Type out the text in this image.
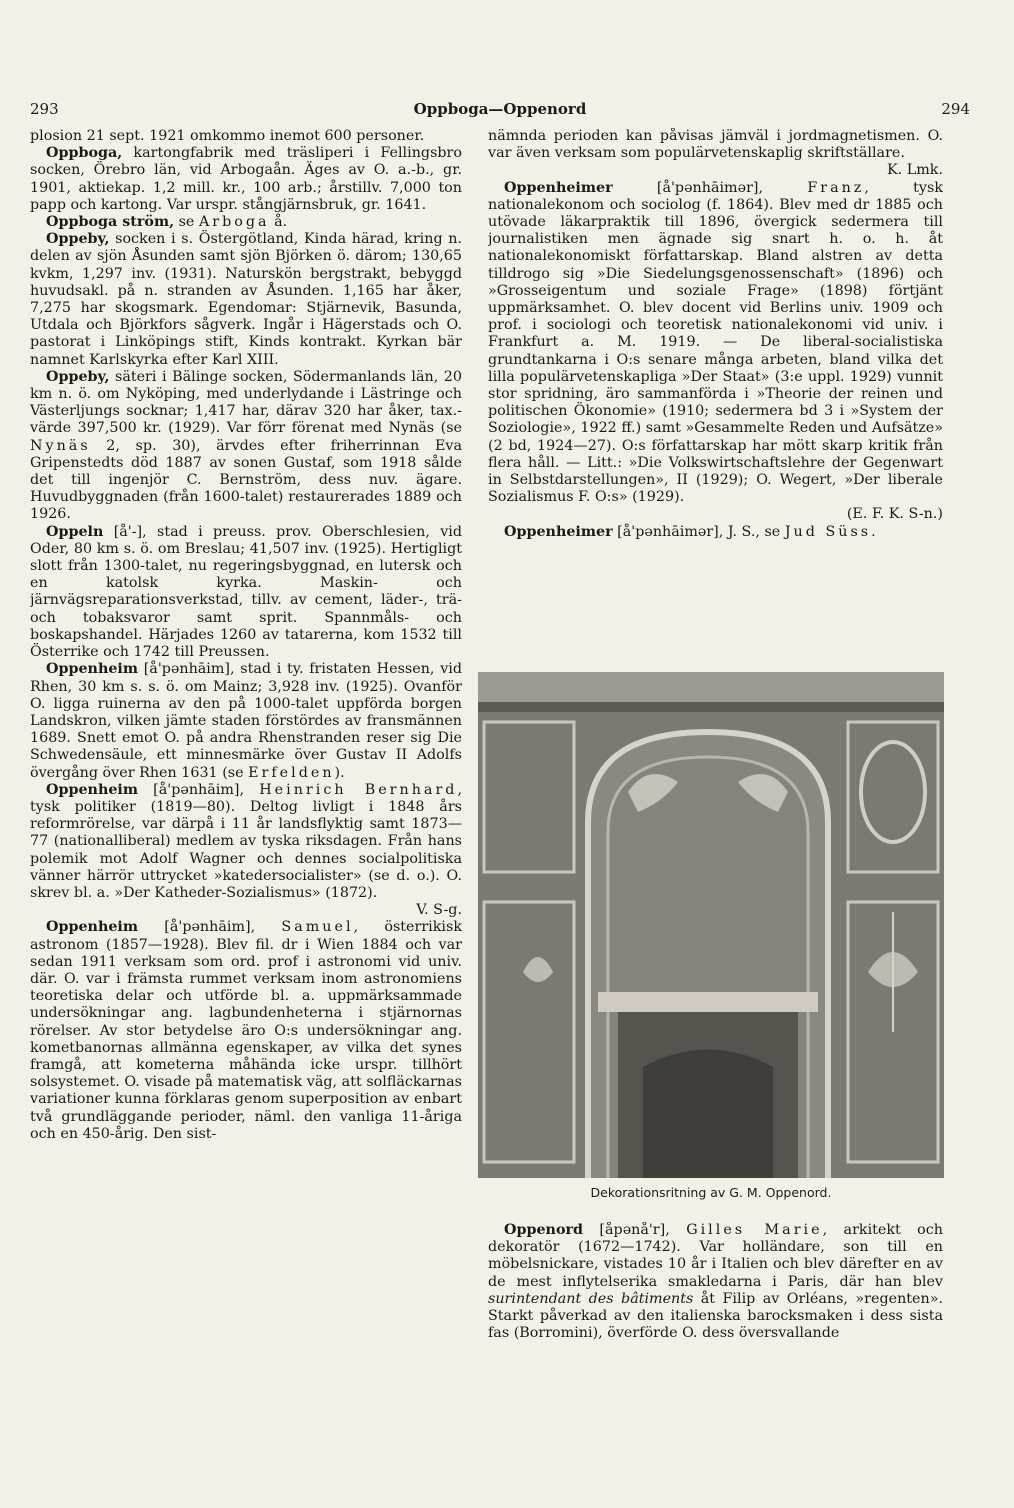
293	Oppboga—Oppenord	294

plosion 21 sept. 1921 omkommo inemot 600 personer.

Oppboga, kartongfabrik med träsliperi i Fellingsbro socken, Örebro län, vid Arbogaån. Äges av O. a.-b., gr. 1901, aktiekap. 1,2 mill. kr., 100 arb.; årstillv. 7,000 ton papp och kartong. Var urspr. stångjärnsbruk, gr. 1641.

Oppboga ström, se Arboga å.

Oppeby, socken i s. Östergötland, Kinda härad, kring n. delen av sjön Åsunden samt sjön Björken ö. därom; 130,65 kvkm, 1,297 inv. (1931). Naturskön bergstrakt, bebyggd huvudsakl. på n. stranden av Åsunden. 1,165 har åker, 7,275 har skogsmark. Egendomar: Stjärnevik, Basunda, Utdala och Björkfors sågverk. Ingår i Hägerstads och O. pastorat i Linköpings stift, Kinds kontrakt. Kyrkan bär namnet Karlskyrka efter Karl XIII.

Oppeby, säteri i Bälinge socken, Södermanlands län, 20 km n. ö. om Nyköping, med underlydande i Lästringe och Västerljungs socknar; 1,417 har, därav 320 har åker, tax.-värde 397,500 kr. (1929). Var förr förenat med Nynäs (se Nynäs 2, sp. 30), ärvdes efter friherrinnan Eva Gripenstedts död 1887 av sonen Gustaf, som 1918 sålde det till ingenjör C. Bernström, dess nuv. ägare. Huvudbyggnaden (från 1600-talet) restaurerades 1889 och 1926.

Oppeln [å'-], stad i preuss. prov. Oberschlesien, vid Oder, 80 km s. ö. om Breslau; 41,507 inv. (1925). Hertigligt slott från 1300-talet, nu regeringsbyggnad, en lutersk och en katolsk kyrka. Maskin- och järnvägsreparationsverkstad, tillv. av cement, läder-, trä- och tobaksvaror samt sprit. Spannmåls- och boskapshandel. Härjades 1260 av tatarerna, kom 1532 till Österrike och 1742 till Preussen.

Oppenheim [å'pənhāim], stad i ty. fristaten Hessen, vid Rhen, 30 km s. s. ö. om Mainz; 3,928 inv. (1925). Ovanför O. ligga ruinerna av den på 1000-talet uppförda borgen Landskron, vilken jämte staden förstördes av fransmännen 1689. Snett emot O. på andra Rhenstranden reser sig Die Schwedensäule, ett minnesmärke över Gustav II Adolfs övergång över Rhen 1631 (se Erfelden).

Oppenheim [å'pənhāim], Heinrich Bernhard, tysk politiker (1819—80). Deltog livligt i 1848 års reformrörelse, var därpå i 11 år landsflyktig samt 1873—77 (nationalliberal) medlem av tyska riksdagen. Från hans polemik mot Adolf Wagner och dennes socialpolitiska vänner härrör uttrycket »katedersocialister» (se d. o.). O. skrev bl. a. »Der Katheder-Sozialismus» (1872).

V. S-g.

Oppenheim [å'pənhāim], Samuel, österrikisk astronom (1857—1928). Blev fil. dr i Wien 1884 och var sedan 1911 verksam som ord. prof i astronomi vid univ. där. O. var i främsta rummet verksam inom astronomiens teoretiska delar och utförde bl. a. uppmärksammade undersökningar ang. lagbundenheterna i stjärnornas rörelser. Av stor betydelse äro O:s undersökningar ang. kometbanornas allmänna egenskaper, av vilka det synes framgå, att kometerna måhända icke urspr. tillhört solsystemet. O. visade på matematisk väg, att solfläckarnas variationer kunna förklaras genom superposition av enbart två grundläggande perioder, näml. den vanliga 11-åriga och en 450-årig. Den sist-

nämnda perioden kan påvisas jämväl i jordmagnetismen. O. var även verksam som populärvetenskaplig skriftställare.

K. Lmk.

Oppenheimer [å'pənhāimər], Franz, tysk nationalekonom och sociolog (f. 1864). Blev med dr 1885 och utövade läkarpraktik till 1896, övergick sedermera till journalistiken men ägnade sig snart h. o. h. åt nationalekonomiskt författarskap. Bland alstren av detta tilldrogo sig »Die Siedelungsgenossenschaft» (1896) och »Grosseigentum und soziale Frage» (1898) förtjänt uppmärksamhet. O. blev docent vid Berlins univ. 1909 och prof. i sociologi och teoretisk nationalekonomi vid univ. i Frankfurt a. M. 1919. — De liberal-socialistiska grundtankarna i O:s senare många arbeten, bland vilka det lilla populärvetenskapliga »Der Staat» (3:e uppl. 1929) vunnit stor spridning, äro sammanförda i »Theorie der reinen und politischen Ökonomie» (1910; sedermera bd 3 i »System der Soziologie», 1922 ff.) samt »Gesammelte Reden und Aufsätze» (2 bd, 1924—27). O:s författarskap har mött skarp kritik från flera håll. — Litt.: »Die Volkswirtschaftslehre der Gegenwart in Selbstdarstellungen», II (1929); O. Wegert, »Der liberale Sozialismus F. O:s» (1929).

(E. F. K. S-n.)

Oppenheimer [å'pənhāimər], J. S., se Jud Süss.

Dekorationsritning av G. M. Oppenord.

Oppenord [åpənå'r], Gilles Marie, arkitekt och dekoratör (1672—1742). Var holländare, son till en möbelsnickare, vistades 10 år i Italien och blev därefter en av de mest inflytelserika smakledarna i Paris, där han blev surintendant des bâtiments åt Filip av Orléans, »regenten». Starkt påverkad av den italienska barocksmaken i dess sista fas (Borromini), överförde O. dess översvallande
